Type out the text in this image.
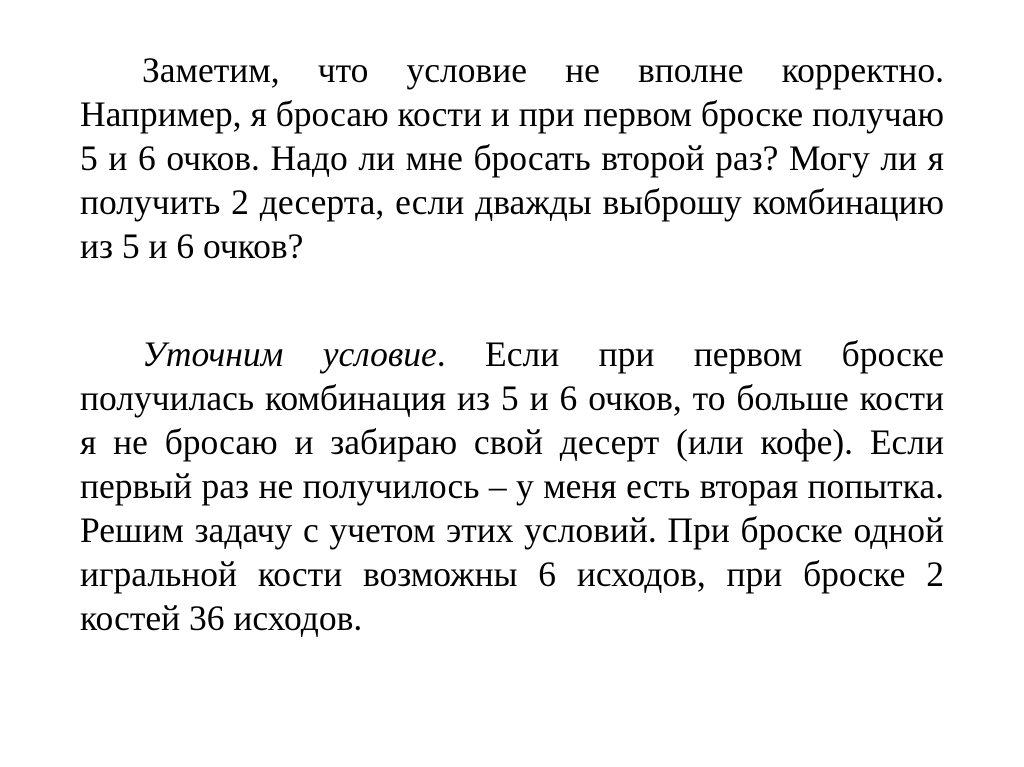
Заметим, что условие не вполне корректно. Например, я бросаю кости и при первом броске получаю 5 и 6 очков. Надо ли мне бросать второй раз? Могу ли я получить 2 десерта, если дважды выброшу комбинацию из 5 и 6 очков?

Уточним условие. Если при первом броске получилась комбинация из 5 и 6 очков, то больше кости я не бросаю и забираю свой десерт (или кофе). Если первый раз не получилось – у меня есть вторая попытка. Решим задачу с учетом этих условий. При броске одной игральной кости возможны 6 исходов, при броске 2 костей 36 исходов.
